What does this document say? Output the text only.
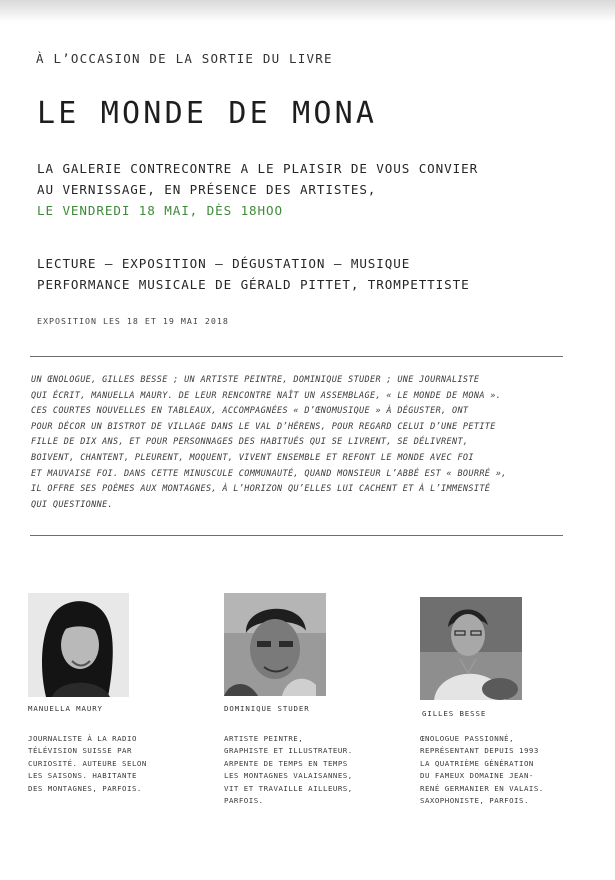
À L’OCCASION DE LA SORTIE DU LIVRE
LE MONDE DE MONA
LA GALERIE CONTRECONTRE A LE PLAISIR DE VOUS CONVIER
AU VERNISSAGE, EN PRÉSENCE DES ARTISTES,
LE VENDREDI 18 MAI, DÈS 18HOO
LECTURE — EXPOSITION — DÉGUSTATION — MUSIQUE
PERFORMANCE MUSICALE DE GÉRALD PITTET, TROMPETTISTE
EXPOSITION LES 18 ET 19 MAI 2018
UN ŒNOLOGUE, GILLES BESSE ; UN ARTISTE PEINTRE, DOMINIQUE STUDER ; UNE JOURNALISTE
QUI ÉCRIT, MANUELLA MAURY. DE LEUR RENCONTRE NAÎT UN ASSEMBLAGE, « LE MONDE DE MONA ».
CES COURTES NOUVELLES EN TABLEAUX, ACCOMPAGNÉES « D’ŒNOMUSIQUE » À DÉGUSTER, ONT
POUR DÉCOR UN BISTROT DE VILLAGE DANS LE VAL D’HÉRENS, POUR REGARD CELUI D’UNE PETITE
FILLE DE DIX ANS, ET POUR PERSONNAGES DES HABITUÉS QUI SE LIVRENT, SE DÉLIVRENT,
BOIVENT, CHANTENT, PLEURENT, MOQUENT, VIVENT ENSEMBLE ET REFONT LE MONDE AVEC FOI
ET MAUVAISE FOI. DANS CETTE MINUSCULE COMMUNAUTÉ, QUAND MONSIEUR L’ABBÉ EST « BOURRÉ »,
IL OFFRE SES POÈMES AUX MONTAGNES, À L’HORIZON QU’ELLES LUI CACHENT ET À L’IMMENSITÉ
QUI QUESTIONNE.
MANUELLA MAURY
JOURNALISTE À LA RADIO
TÉLÉVISION SUISSE PAR
CURIOSITÉ. AUTEURE SELON
LES SAISONS. HABITANTE
DES MONTAGNES, PARFOIS.
DOMINIQUE STUDER
ARTISTE PEINTRE,
GRAPHISTE ET ILLUSTRATEUR.
ARPENTE DE TEMPS EN TEMPS
LES MONTAGNES VALAISANNES,
VIT ET TRAVAILLE AILLEURS,
PARFOIS.
GILLES BESSE
ŒNOLOGUE PASSIONNÉ,
REPRÉSENTANT DEPUIS 1993
LA QUATRIÈME GÉNÉRATION
DU FAMEUX DOMAINE JEAN-
RENÉ GERMANIER EN VALAIS.
SAXOPHONISTE, PARFOIS.
